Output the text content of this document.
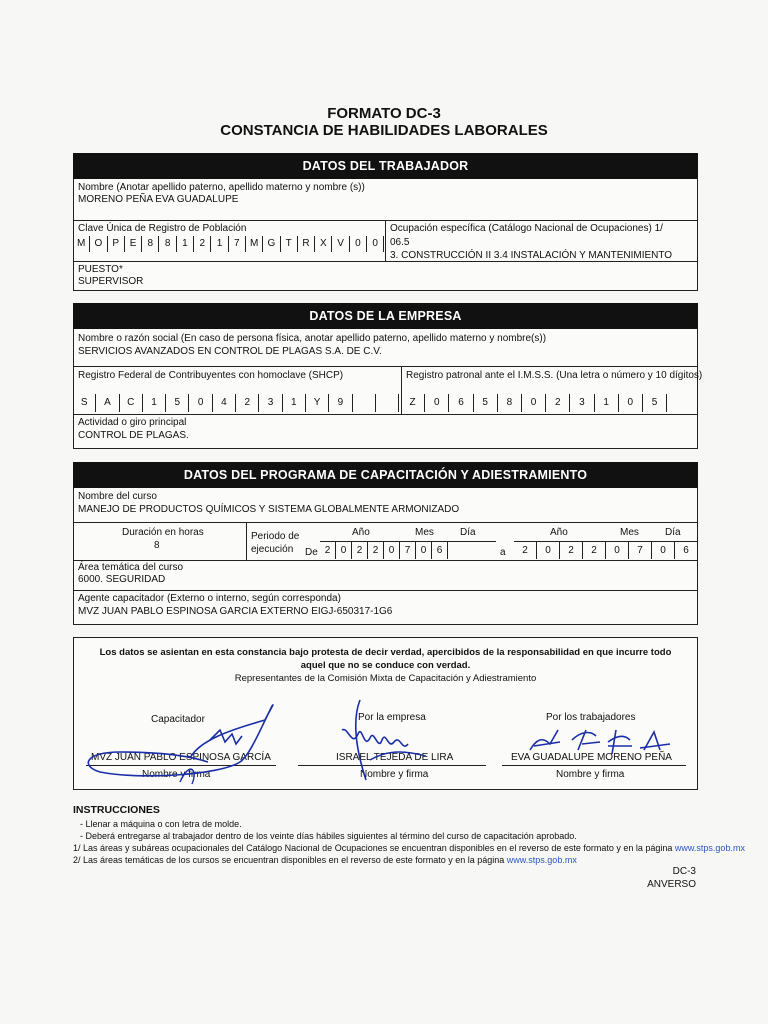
FORMATO DC-3
CONSTANCIA DE HABILIDADES LABORALES
DATOS DEL TRABAJADOR
Nombre (Anotar apellido paterno, apellido materno y nombre (s))
MORENO PEÑA EVA GUADALUPE
Clave Única de Registro de Población
M O	P	E	8	8	1	2	1	7	M G	T	R	X	V	0	0
Ocupación específica (Catálogo Nacional de Ocupaciones) 1/
06.5
3. CONSTRUCCIÓN II 3.4 INSTALACIÓN Y MANTENIMIENTO
PUESTO*
SUPERVISOR
DATOS DE LA EMPRESA
Nombre o razón social (En caso de persona física, anotar apellido paterno, apellido materno y nombre(s))
SERVICIOS AVANZADOS EN CONTROL DE PLAGAS S.A. DE C.V.
Registro Federal de Contribuyentes con homoclave (SHCP)
S	A	C	1	5	0	4	2	3	1	Y	9
Registro patronal ante el I.M.S.S. (Una letra o número y 10 dígitos)
Z	0	6	5	8	0	2	3	1	0	5
Actividad o giro principal
CONTROL DE PLAGAS.
DATOS DEL PROGRAMA DE CAPACITACIÓN Y ADIESTRAMIENTO
Nombre del curso
MANEJO DE PRODUCTOS QUÍMICOS Y SISTEMA GLOBALMENTE ARMONIZADO
Duración en horas
8
Periodo de
ejecución De
Año	Mes	Día
a
Año	Mes	Día
2	0	2	2	0	7	0	6	2	0	2	2	0	7	0	6
Área temática del curso
6000. SEGURIDAD
Agente capacitador (Externo o interno, según corresponda)
MVZ JUAN PABLO ESPINOSA GARCIA EXTERNO EIGJ-650317-1G6
Los datos se asientan en esta constancia bajo protesta de decir verdad, apercibidos de la responsabilidad en que incurre todo
aquel que no se conduce con verdad.
Representantes de la Comisión Mixta de Capacitación y Adiestramiento
Capacitador	Por la empresa	Por los trabajadores
MVZ JUAN PABLO ESPINOSA GARCÍA	ISRAEL TEJEDA DE LIRA	EVA GUADALUPE MORENO PEÑA
Nombre y firma	Nombre y firma	Nombre y firma
INSTRUCCIONES
- Llenar a máquina o con letra de molde.
- Deberá entregarse al trabajador dentro de los veinte días hábiles siguientes al término del curso de capacitación aprobado.
1/ Las áreas y subáreas ocupacionales del Catálogo Nacional de Ocupaciones se encuentran disponibles en el reverso de este formato y en la página www.stps.gob.mx
2/ Las áreas temáticas de los cursos se encuentran disponibles en el reverso de este formato y en la página www.stps.gob.mx
DC-3
ANVERSO
